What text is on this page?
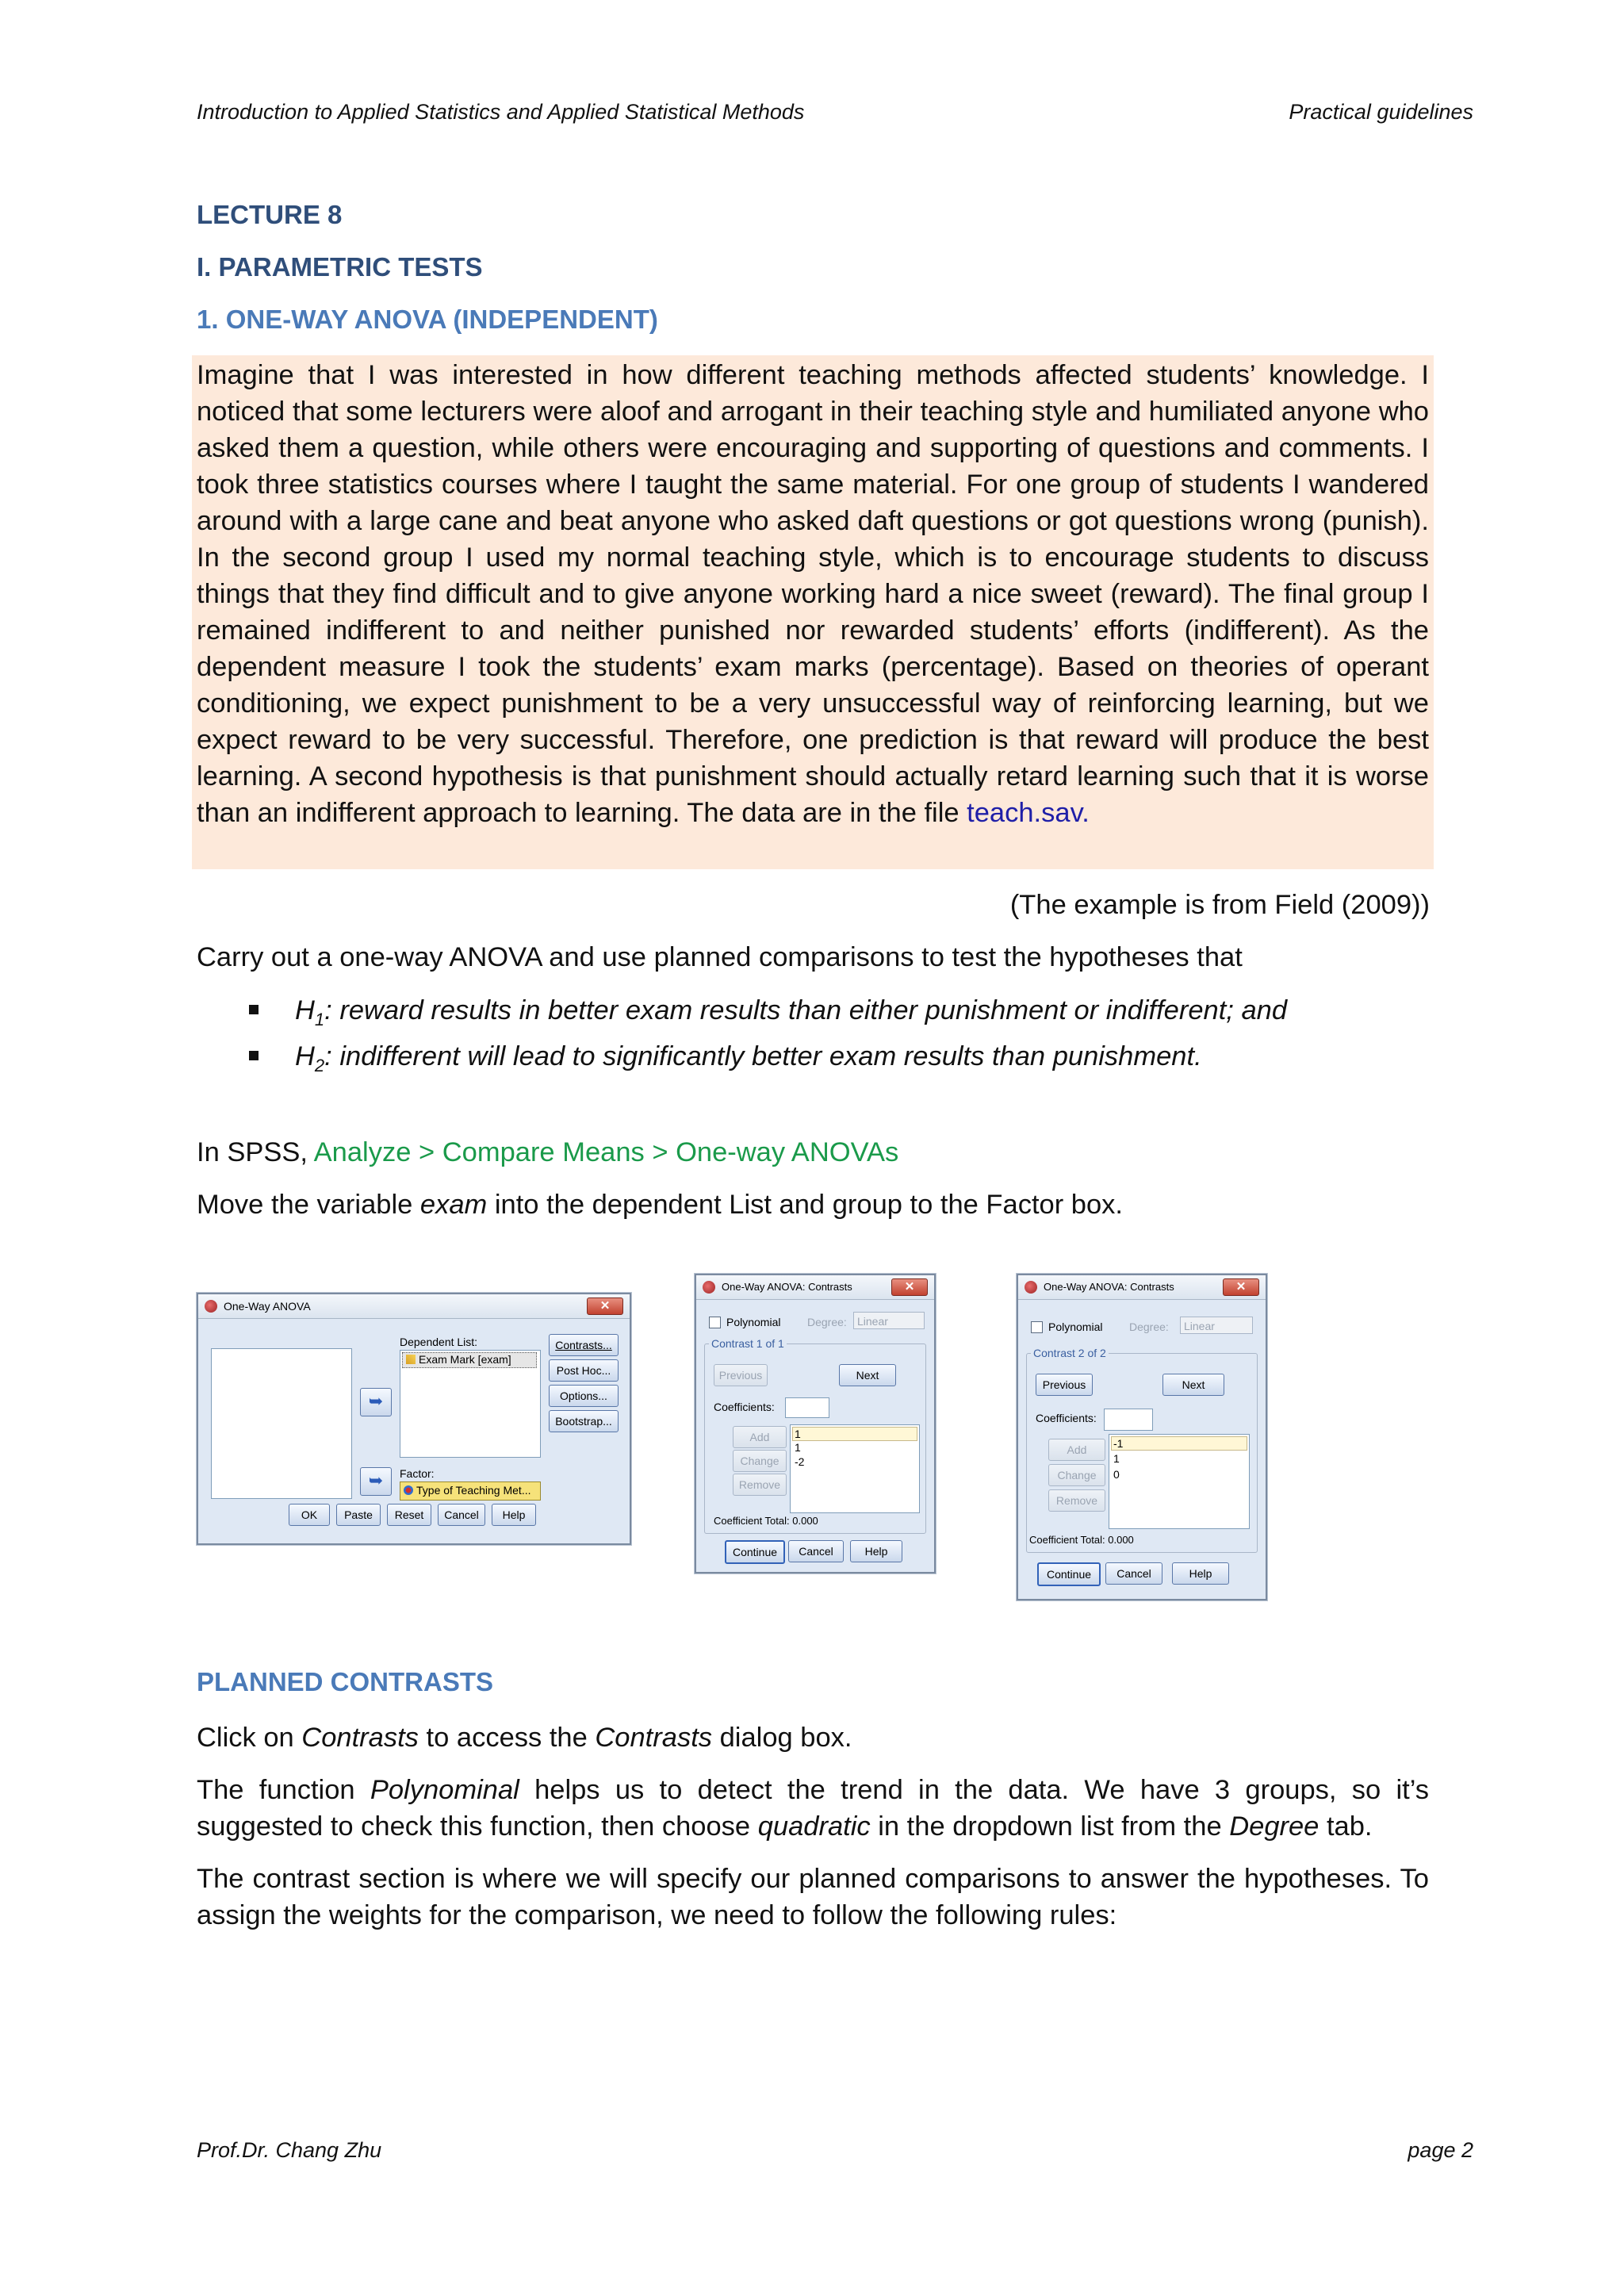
Introduction to Applied Statistics and Applied Statistical Methods	Practical guidelines
LECTURE 8
I. PARAMETRIC TESTS
1. ONE-WAY ANOVA (INDEPENDENT)
Imagine that I was interested in how different teaching methods affected students’ knowledge. I noticed that some lecturers were aloof and arrogant in their teaching style and humiliated anyone who asked them a question, while others were encouraging and supporting of questions and comments. I took three statistics courses where I taught the same material. For one group of students I wandered around with a large cane and beat anyone who asked daft questions or got questions wrong (punish). In the second group I used my normal teaching style, which is to encourage students to discuss things that they find difficult and to give anyone working hard a nice sweet (reward). The final group I remained indifferent to and neither punished nor rewarded students’ efforts (indifferent). As the dependent measure I took the students’ exam marks (percentage). Based on theories of operant conditioning, we expect punishment to be a very unsuccessful way of reinforcing learning, but we expect reward to be very successful. Therefore, one prediction is that reward will produce the best learning. A second hypothesis is that punishment should actually retard learning such that it is worse than an indifferent approach to learning. The data are in the file teach.sav.
(The example is from Field (2009))
Carry out a one-way ANOVA and use planned comparisons to test the hypotheses that
$H_1$: reward results in better exam results than either punishment or indifferent; and
$H_2$: indifferent will lead to significantly better exam results than punishment.
In SPSS, Analyze > Compare Means > One-way ANOVAs
Move the variable exam into the dependent List and group to the Factor box.
One-Way ANOVA	✕
➥
➥
Dependent List:
Exam Mark [exam]
Factor:
Type of Teaching Met...
Contrasts...
Post Hoc...
Options...
Bootstrap...
OK	Paste	Reset	Cancel	Help
One-Way ANOVA: Contrasts	✕
Polynomial Degree: Linear
Contrast 1 of 1
Previous	Next
Coefficients:
Add
Change
Remove
1
1
-2
Coefficient Total: 0.000
Continue	Cancel	Help
One-Way ANOVA: Contrasts	✕
Polynomial Degree:	Linear
Contrast 2 of 2
Previous	Next
Coefficients:
Add
Change
Remove
-1
1
0
Coefficient Total: 0.000
Continue	Cancel	Help
PLANNED CONTRASTS
Click on Contrasts to access the Contrasts dialog box.
The function Polynominal helps us to detect the trend in the data. We have 3 groups, so it’s suggested to check this function, then choose quadratic in the dropdown list from the Degree tab.
The contrast section is where we will specify our planned comparisons to answer the hypotheses. To assign the weights for the comparison, we need to follow the following rules:
Prof.Dr. Chang Zhu	page 2
